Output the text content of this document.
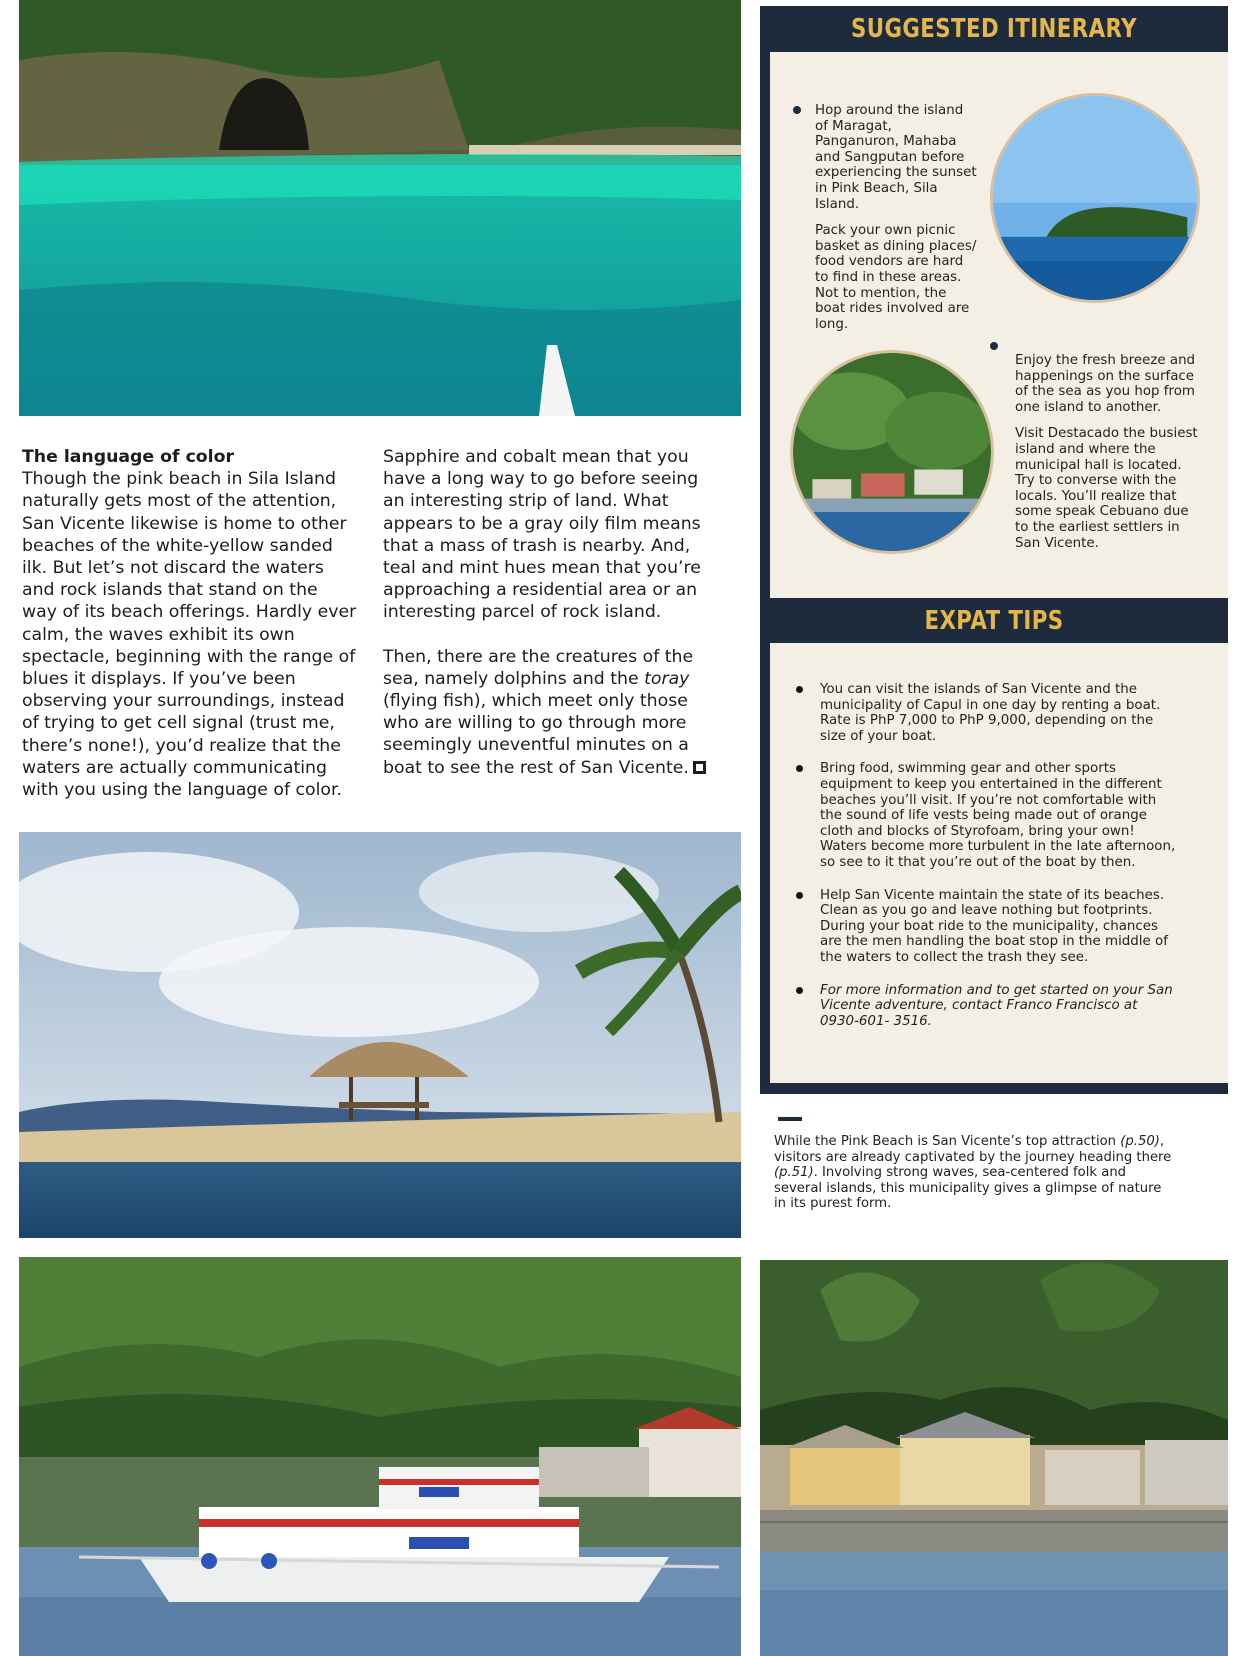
The language of color

Though the pink beach in Sila Island naturally gets most of the attention, San Vicente likewise is home to other beaches of the white-yellow sanded ilk. But let’s not discard the waters and rock islands that stand on the way of its beach offerings. Hardly ever calm, the waves exhibit its own spectacle, beginning with the range of blues it displays. If you’ve been observing your surroundings, instead of trying to get cell signal (trust me, there’s none!), you’d realize that the waters are actually communicating with you using the language of color.

Sapphire and cobalt mean that you have a long way to go before seeing an interesting strip of land. What appears to be a gray oily film means that a mass of trash is nearby. And, teal and mint hues mean that you’re approaching a residential area or an interesting parcel of rock island.

Then, there are the creatures of the sea, namely dolphins and the toray (flying fish), which meet only those who are willing to go through more seemingly uneventful minutes on a boat to see the rest of San Vicente.

SUGGESTED ITINERARY
EXPAT TIPS

Hop around the island of Maragat, Panganuron, Mahaba and Sangputan before experiencing the sunset in Pink Beach, Sila Island.

Pack your own picnic basket as dining places/ food vendors are hard to find in these areas. Not to mention, the boat rides involved are long.

Enjoy the fresh breeze and happenings on the surface of the sea as you hop from one island to another.

Visit Destacado the busiest island and where the municipal hall is located. Try to converse with the locals. You’ll realize that some speak Cebuano due to the earliest settlers in San Vicente.

You can visit the islands of San Vicente and the municipality of Capul in one day by renting a boat. Rate is PhP 7,000 to PhP 9,000, depending on the size of your boat.
Bring food, swimming gear and other sports equipment to keep you entertained in the different beaches you’ll visit. If you’re not comfortable with the sound of life vests being made out of orange cloth and blocks of Styrofoam, bring your own! Waters become more turbulent in the late afternoon, so see to it that you’re out of the boat by then.
Help San Vicente maintain the state of its beaches. Clean as you go and leave nothing but footprints. During your boat ride to the municipality, chances are the men handling the boat stop in the middle of the waters to collect the trash they see.
For more information and to get started on your San Vicente adventure, contact Franco Francisco at 0930-601- 3516.
While the Pink Beach is San Vicente’s top attraction (p.50), visitors are already captivated by the journey heading there (p.51). Involving strong waves, sea-centered folk and several islands, this municipality gives a glimpse of nature in its purest form.
